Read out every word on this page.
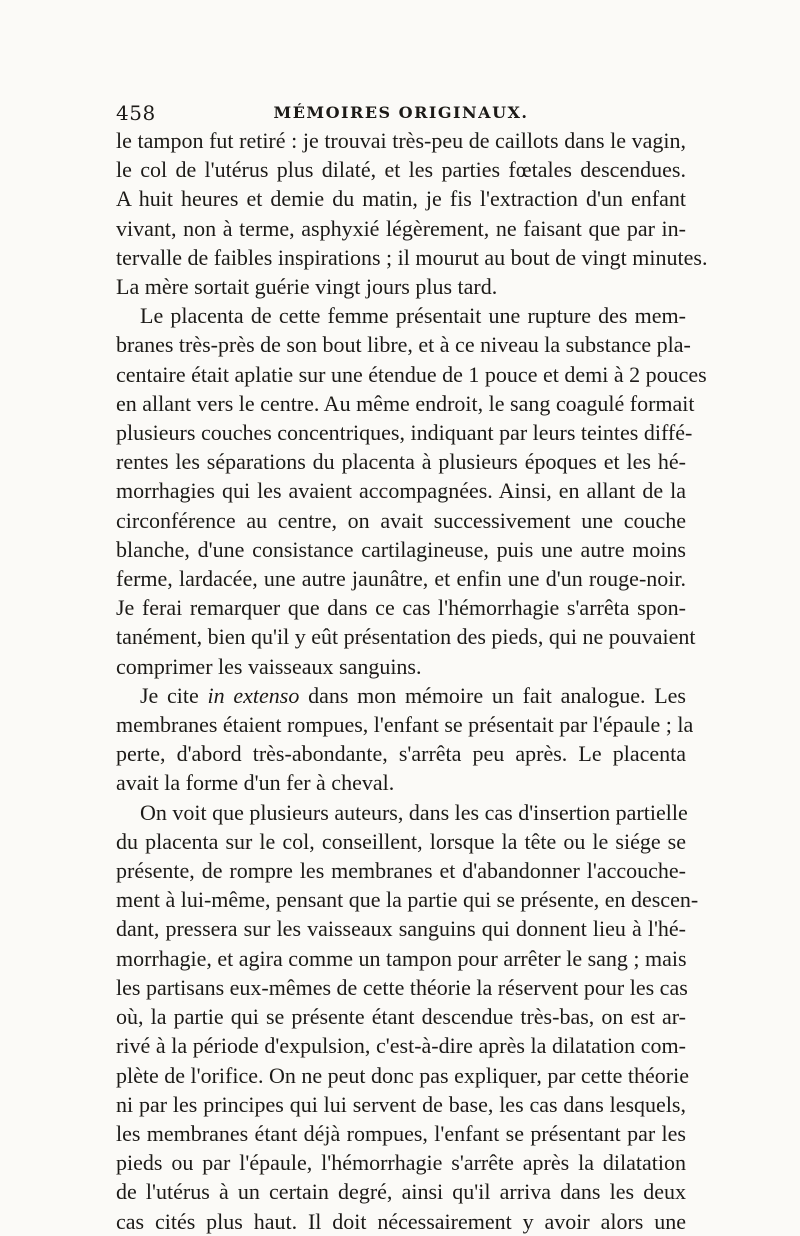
458	MÉMOIRES ORIGINAUX.
le tampon fut retiré : je trouvai très-peu de caillots dans le vagin,
le col de l'utérus plus dilaté, et les parties fœtales descendues.
A huit heures et demie du matin, je fis l'extraction d'un enfant
vivant, non à terme, asphyxié légèrement, ne faisant que par in-
tervalle de faibles inspirations ; il mourut au bout de vingt minutes.
La mère sortait guérie vingt jours plus tard.
Le placenta de cette femme présentait une rupture des mem-
branes très-près de son bout libre, et à ce niveau la substance pla-
centaire était aplatie sur une étendue de 1 pouce et demi à 2 pouces
en allant vers le centre. Au même endroit, le sang coagulé formait
plusieurs couches concentriques, indiquant par leurs teintes diffé-
rentes les séparations du placenta à plusieurs époques et les hé-
morrhagies qui les avaient accompagnées. Ainsi, en allant de la
circonférence au centre, on avait successivement une couche
blanche, d'une consistance cartilagineuse, puis une autre moins
ferme, lardacée, une autre jaunâtre, et enfin une d'un rouge-noir.
Je ferai remarquer que dans ce cas l'hémorrhagie s'arrêta spon-
tanément, bien qu'il y eût présentation des pieds, qui ne pouvaient
comprimer les vaisseaux sanguins.
Je cite in extenso dans mon mémoire un fait analogue. Les
membranes étaient rompues, l'enfant se présentait par l'épaule ; la
perte, d'abord très-abondante, s'arrêta peu après. Le placenta
avait la forme d'un fer à cheval.
On voit que plusieurs auteurs, dans les cas d'insertion partielle
du placenta sur le col, conseillent, lorsque la tête ou le siége se
présente, de rompre les membranes et d'abandonner l'accouche-
ment à lui-même, pensant que la partie qui se présente, en descen-
dant, pressera sur les vaisseaux sanguins qui donnent lieu à l'hé-
morrhagie, et agira comme un tampon pour arrêter le sang ; mais
les partisans eux-mêmes de cette théorie la réservent pour les cas
où, la partie qui se présente étant descendue très-bas, on est ar-
rivé à la période d'expulsion, c'est-à-dire après la dilatation com-
plète de l'orifice. On ne peut donc pas expliquer, par cette théorie
ni par les principes qui lui servent de base, les cas dans lesquels,
les membranes étant déjà rompues, l'enfant se présentant par les
pieds ou par l'épaule, l'hémorrhagie s'arrête après la dilatation
de l'utérus à un certain degré, ainsi qu'il arriva dans les deux
cas cités plus haut. Il doit nécessairement y avoir alors une
